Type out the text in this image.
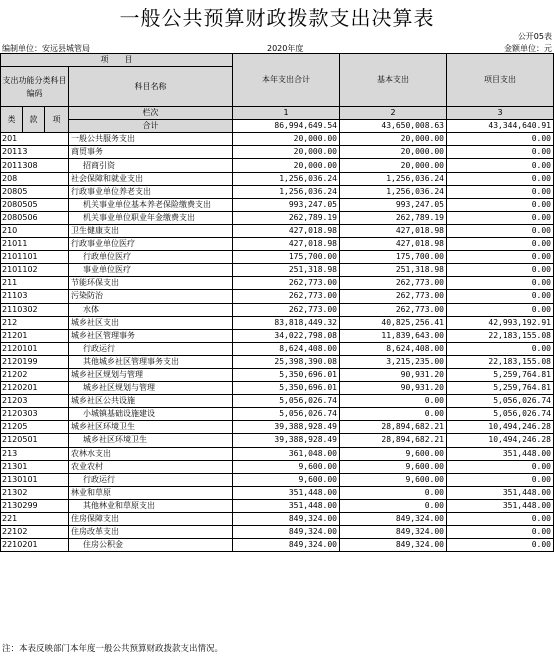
一般公共预算财政拨款支出决算表
公开05表
编制单位：安远县城管局	2020年度	金额单位：元
项　　目				本年支出合计	基本支出	项目支出
支出功能分类科目编码			科目名称			
类	款	项				
			栏次	1	2	3
			合计	86,994,649.54	43,650,008.63	43,344,640.91
201			一般公共服务支出	20,000.00	20,000.00	0.00
20113			商贸事务	20,000.00	20,000.00	0.00
2011308			招商引资	20,000.00	20,000.00	0.00
208			社会保障和就业支出	1,256,036.24	1,256,036.24	0.00
20805			行政事业单位养老支出	1,256,036.24	1,256,036.24	0.00
2080505			机关事业单位基本养老保险缴费支出	993,247.05	993,247.05	0.00
2080506			机关事业单位职业年金缴费支出	262,789.19	262,789.19	0.00
210			卫生健康支出	427,018.98	427,018.98	0.00
21011			行政事业单位医疗	427,018.98	427,018.98	0.00
2101101			行政单位医疗	175,700.00	175,700.00	0.00
2101102			事业单位医疗	251,318.98	251,318.98	0.00
211			节能环保支出	262,773.00	262,773.00	0.00
21103			污染防治	262,773.00	262,773.00	0.00
2110302			水体	262,773.00	262,773.00	0.00
212			城乡社区支出	83,818,449.32	40,825,256.41	42,993,192.91
21201			城乡社区管理事务	34,022,798.08	11,839,643.00	22,183,155.08
2120101			行政运行	8,624,408.00	8,624,408.00	0.00
2120199			其他城乡社区管理事务支出	25,398,390.08	3,215,235.00	22,183,155.08
21202			城乡社区规划与管理	5,350,696.01	90,931.20	5,259,764.81
2120201			城乡社区规划与管理	5,350,696.01	90,931.20	5,259,764.81
21203			城乡社区公共设施	5,056,026.74	0.00	5,056,026.74
2120303			小城镇基础设施建设	5,056,026.74	0.00	5,056,026.74
21205			城乡社区环境卫生	39,388,928.49	28,894,682.21	10,494,246.28
2120501			城乡社区环境卫生	39,388,928.49	28,894,682.21	10,494,246.28
213			农林水支出	361,048.00	9,600.00	351,448.00
21301			农业农村	9,600.00	9,600.00	0.00
2130101			行政运行	9,600.00	9,600.00	0.00
21302			林业和草原	351,448.00	0.00	351,448.00
2130299			其他林业和草原支出	351,448.00	0.00	351,448.00
221			住房保障支出	849,324.00	849,324.00	0.00
22102			住房改革支出	849,324.00	849,324.00	0.00
2210201			住房公积金	849,324.00	849,324.00	0.00
注：本表反映部门本年度一般公共预算财政拨款支出情况。
